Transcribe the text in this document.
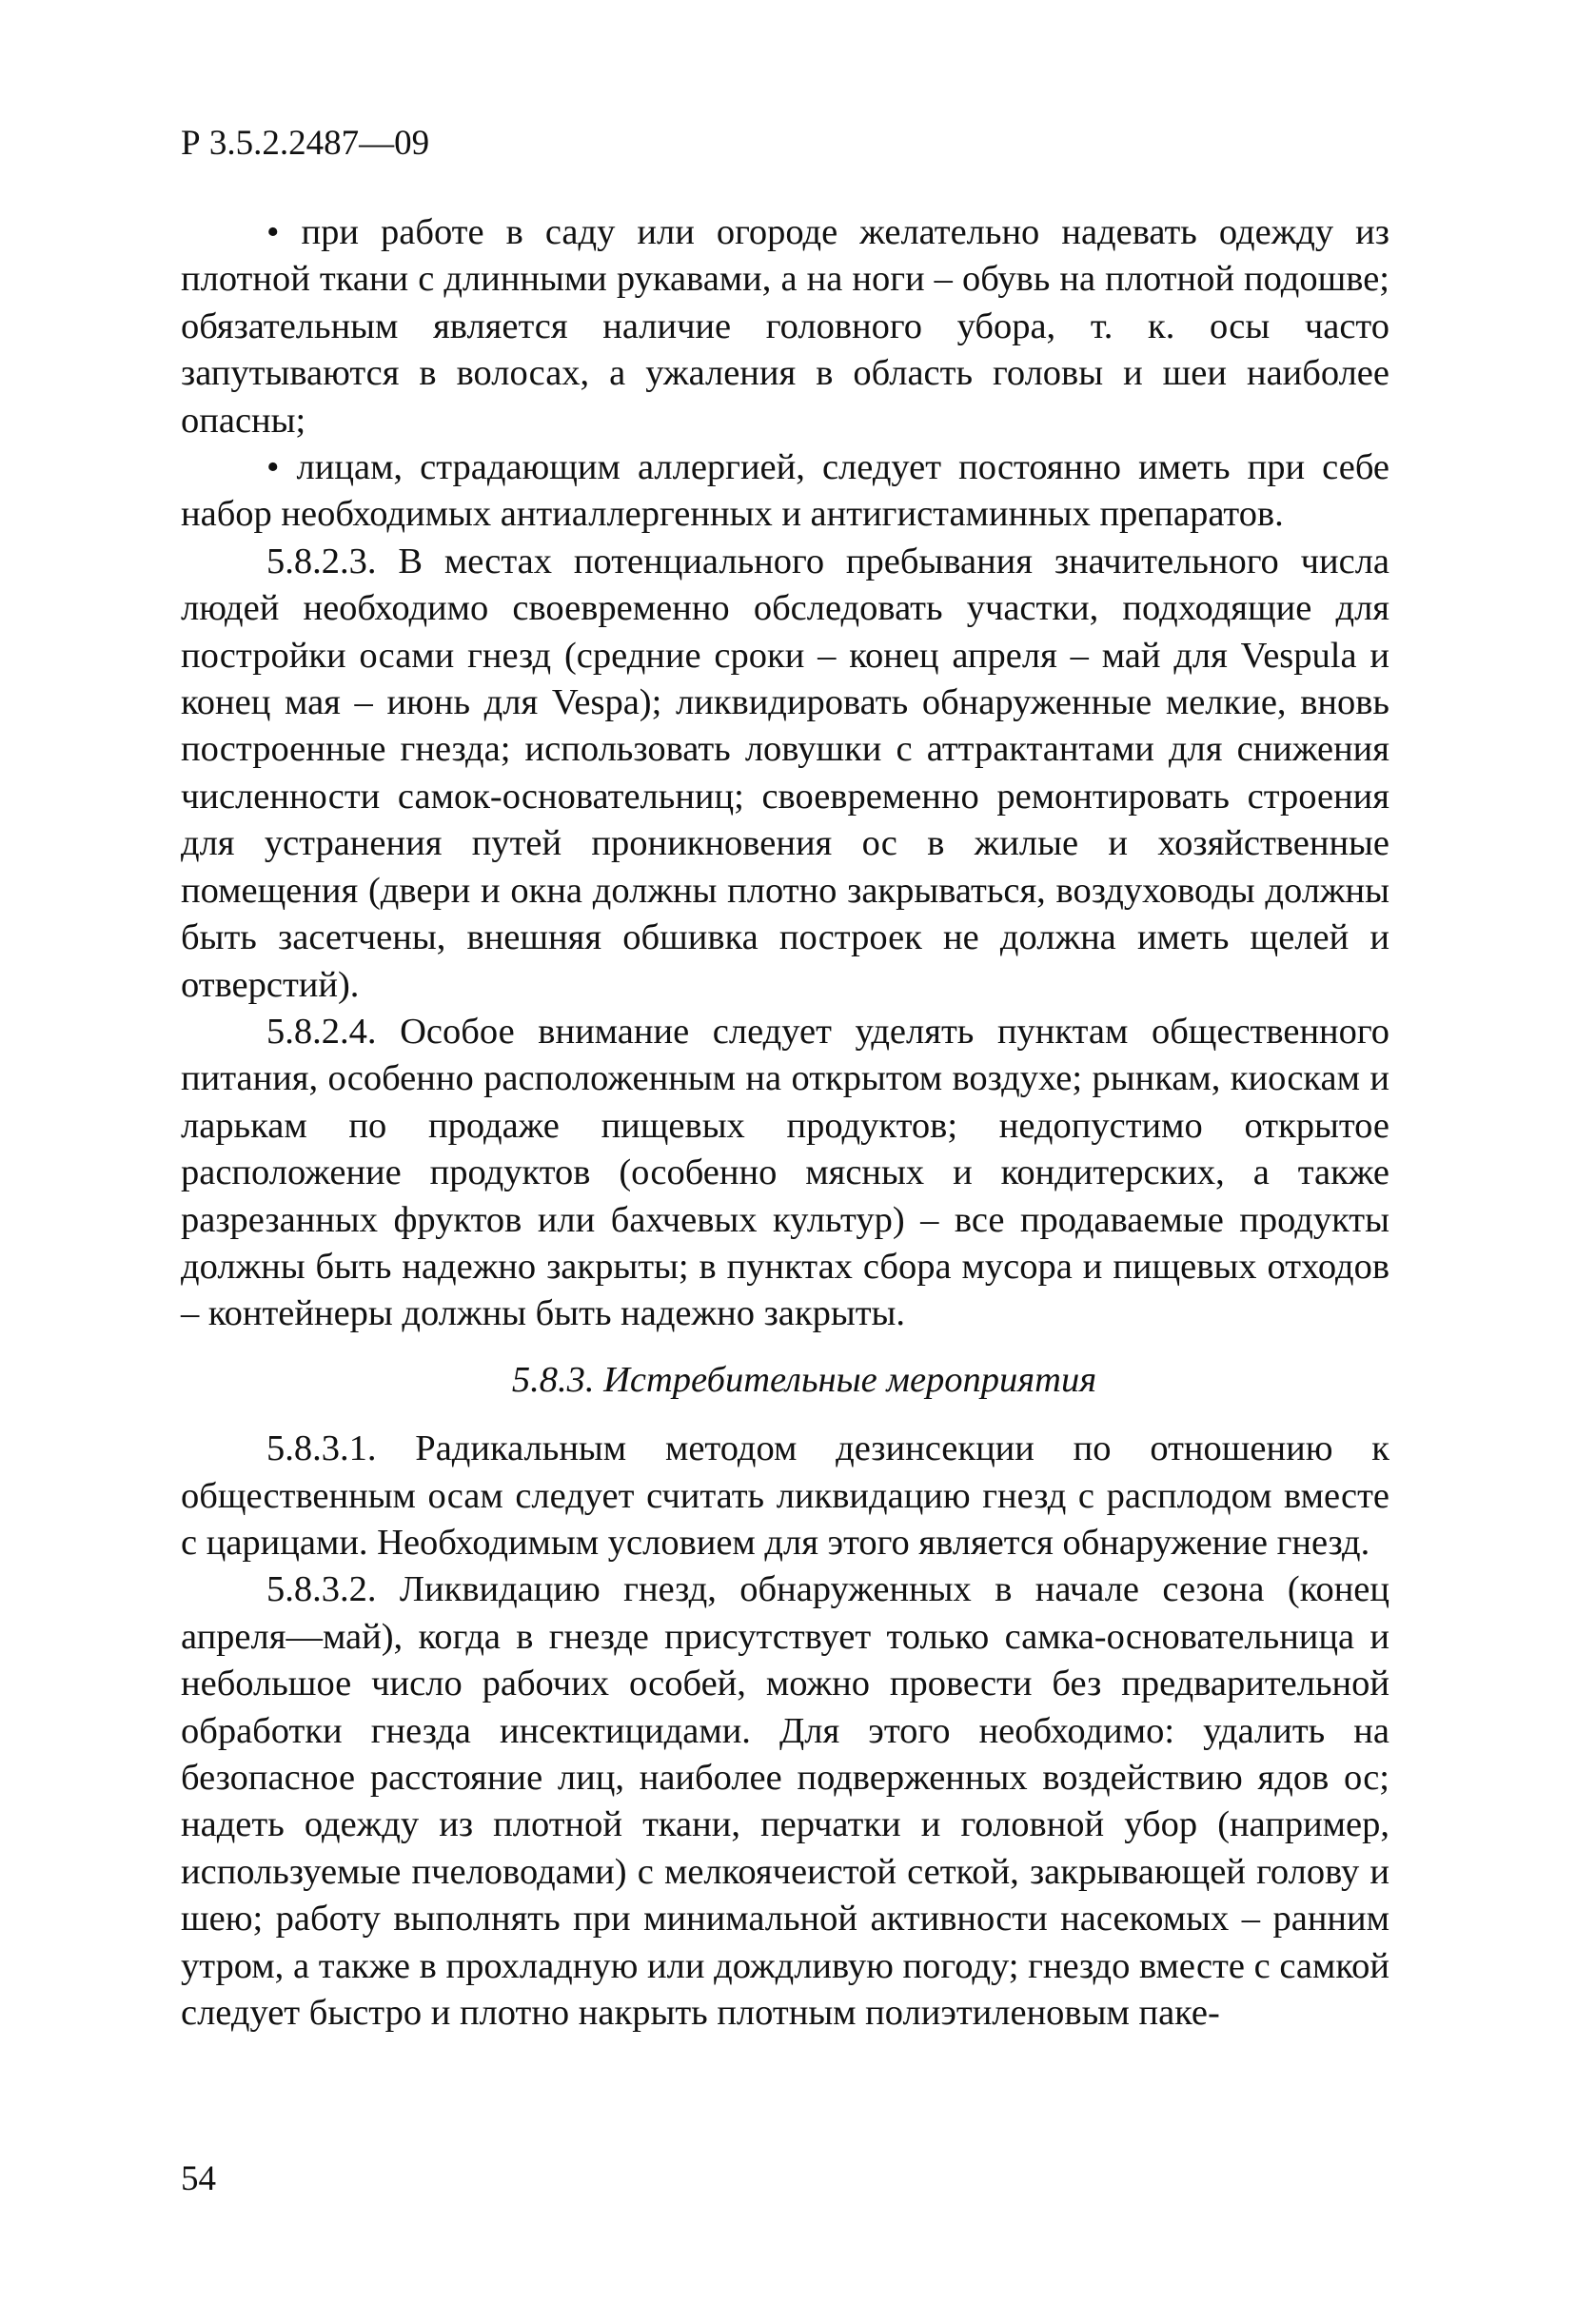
Р 3.5.2.2487—09

• при работе в саду или огороде желательно надевать одежду из плотной ткани с длинными рукавами, а на ноги – обувь на плотной подошве; обязательным является наличие головного убора, т. к. осы часто запутываются в волосах, а ужаления в область головы и шеи наиболее опасны;

• лицам, страдающим аллергией, следует постоянно иметь при себе набор необходимых антиаллергенных и антигистаминных препаратов.

5.8.2.3. В местах потенциального пребывания значительного числа людей необходимо своевременно обследовать участки, подходящие для постройки осами гнезд (средние сроки – конец апреля – май для Vespula и конец мая – июнь для Vespa); ликвидировать обнаруженные мелкие, вновь построенные гнезда; использовать ловушки с аттрактантами для снижения численности самок-основательниц; своевременно ремонтировать строения для устранения путей проникновения ос в жилые и хозяйственные помещения (двери и окна должны плотно закрываться, воздуховоды должны быть засетчены, внешняя обшивка построек не должна иметь щелей и отверстий).

5.8.2.4. Особое внимание следует уделять пунктам общественного питания, особенно расположенным на открытом воздухе; рынкам, киоскам и ларькам по продаже пищевых продуктов; недопустимо открытое расположение продуктов (особенно мясных и кондитерских, а также разрезанных фруктов или бахчевых культур) – все продаваемые продукты должны быть надежно закрыты; в пунктах сбора мусора и пищевых отходов – контейнеры должны быть надежно закрыты.

5.8.3. Истребительные мероприятия

5.8.3.1. Радикальным методом дезинсекции по отношению к общественным осам следует считать ликвидацию гнезд с расплодом вместе с царицами. Необходимым условием для этого является обнаружение гнезд.

5.8.3.2. Ликвидацию гнезд, обнаруженных в начале сезона (конец апреля—май), когда в гнезде присутствует только самка-основательница и небольшое число рабочих особей, можно провести без предварительной обработки гнезда инсектицидами. Для этого необходимо: удалить на безопасное расстояние лиц, наиболее подверженных воздействию ядов ос; надеть одежду из плотной ткани, перчатки и головной убор (например, используемые пчеловодами) с мелкоячеистой сеткой, закрывающей голову и шею; работу выполнять при минимальной активности насекомых – ранним утром, а также в прохладную или дождливую погоду; гнездо вместе с самкой следует быстро и плотно накрыть плотным полиэтиленовым паке-

54
